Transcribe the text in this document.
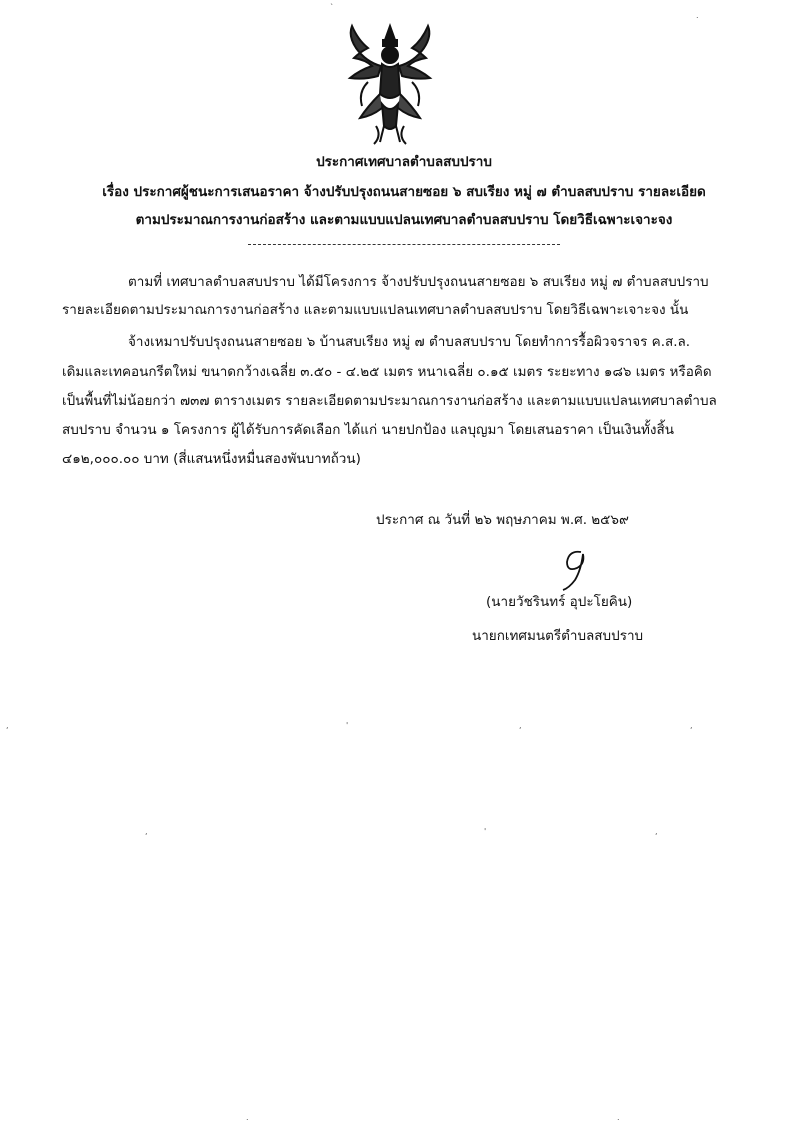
ประกาศเทศบาลตำบลสบปราบ
เรื่อง ประกาศผู้ชนะการเสนอราคา จ้างปรับปรุงถนนสายซอย ๖ สบเรียง หมู่ ๗ ตำบลสบปราบ รายละเอียด
ตามประมาณการงานก่อสร้าง และตามแบบแปลนเทศบาลตำบลสบปราบ โดยวิธีเฉพาะเจาะจง
ตามที่ เทศบาลตำบลสบปราบ ได้มีโครงการ จ้างปรับปรุงถนนสายซอย ๖ สบเรียง หมู่ ๗ ตำบลสบปราบ
รายละเอียดตามประมาณการงานก่อสร้าง และตามแบบแปลนเทศบาลตำบลสบปราบ โดยวิธีเฉพาะเจาะจง นั้น
จ้างเหมาปรับปรุงถนนสายซอย ๖ บ้านสบเรียง หมู่ ๗ ตำบลสบปราบ โดยทำการรื้อผิวจราจร ค.ส.ล.
เดิมและเทคอนกรีตใหม่ ขนาดกว้างเฉลี่ย ๓.๕๐ - ๔.๒๕ เมตร หนาเฉลี่ย ๐.๑๕ เมตร ระยะทาง ๑๘๖ เมตร หรือคิด
เป็นพื้นที่ไม่น้อยกว่า ๗๓๗ ตารางเมตร รายละเอียดตามประมาณการงานก่อสร้าง และตามแบบแปลนเทศบาลตำบล
สบปราบ จำนวน ๑ โครงการ ผู้ได้รับการคัดเลือก ได้แก่ นายปกป้อง แลบุญมา โดยเสนอราคา เป็นเงินทั้งสิ้น
๔๑๒,๐๐๐.๐๐ บาท (สี่แสนหนึ่งหมื่นสองพันบาทถ้วน)
ประกาศ ณ วันที่ ๒๖ พฤษภาคม พ.ศ. ๒๕๖๙
(นายวัชรินทร์ อุปะโยคิน)
นายกเทศมนตรีตำบลสบปราบ
,	'	,	,
,	'	,
.	.
`
.
